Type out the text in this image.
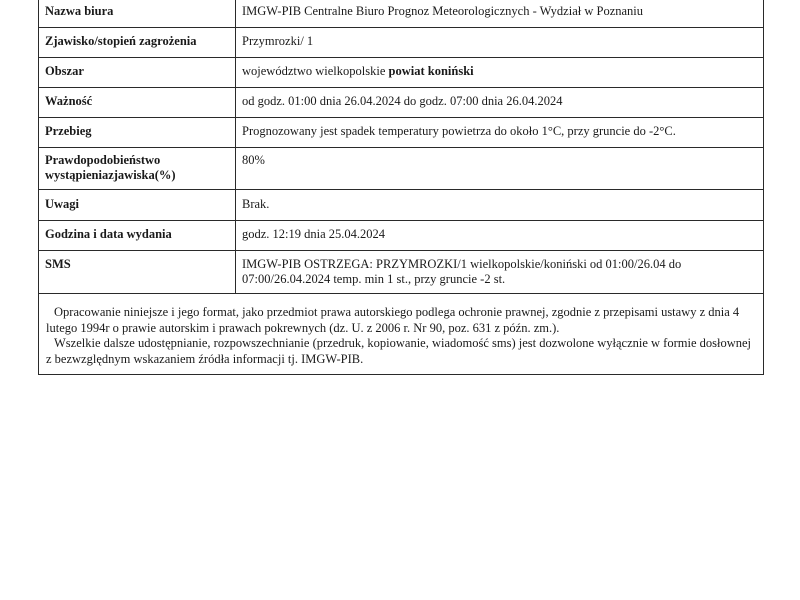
Nazwa biura	IMGW-PIB Centralne Biuro Prognoz Meteorologicznych - Wydział w Poznaniu
Zjawisko/stopień zagrożenia	Przymrozki/ 1
Obszar	województwo wielkopolskie powiat koniński
Ważność	od godz. 01:00 dnia 26.04.2024 do godz. 07:00 dnia 26.04.2024
Przebieg	Prognozowany jest spadek temperatury powietrza do około 1°C, przy gruncie do -2°C.
Prawdopodobieństwo wystąpieniazjawiska(%)	80%
Uwagi	Brak.
Godzina i data wydania	godz. 12:19 dnia 25.04.2024
SMS	IMGW-PIB OSTRZEGA: PRZYMROZKI/1 wielkopolskie/koniński od 01:00/26.04 do 07:00/26.04.2024 temp. min 1 st., przy gruncie -2 st.

Opracowanie niniejsze i jego format, jako przedmiot prawa autorskiego podlega ochronie prawnej, zgodnie z przepisami ustawy z dnia 4 lutego 1994r o prawie autorskim i prawach pokrewnych (dz. U. z 2006 r. Nr 90, poz. 631 z późn. zm.).

Wszelkie dalsze udostępnianie, rozpowszechnianie (przedruk, kopiowanie, wiadomość sms) jest dozwolone wyłącznie w formie dosłownej z bezwzględnym wskazaniem źródła informacji tj. IMGW-PIB.
